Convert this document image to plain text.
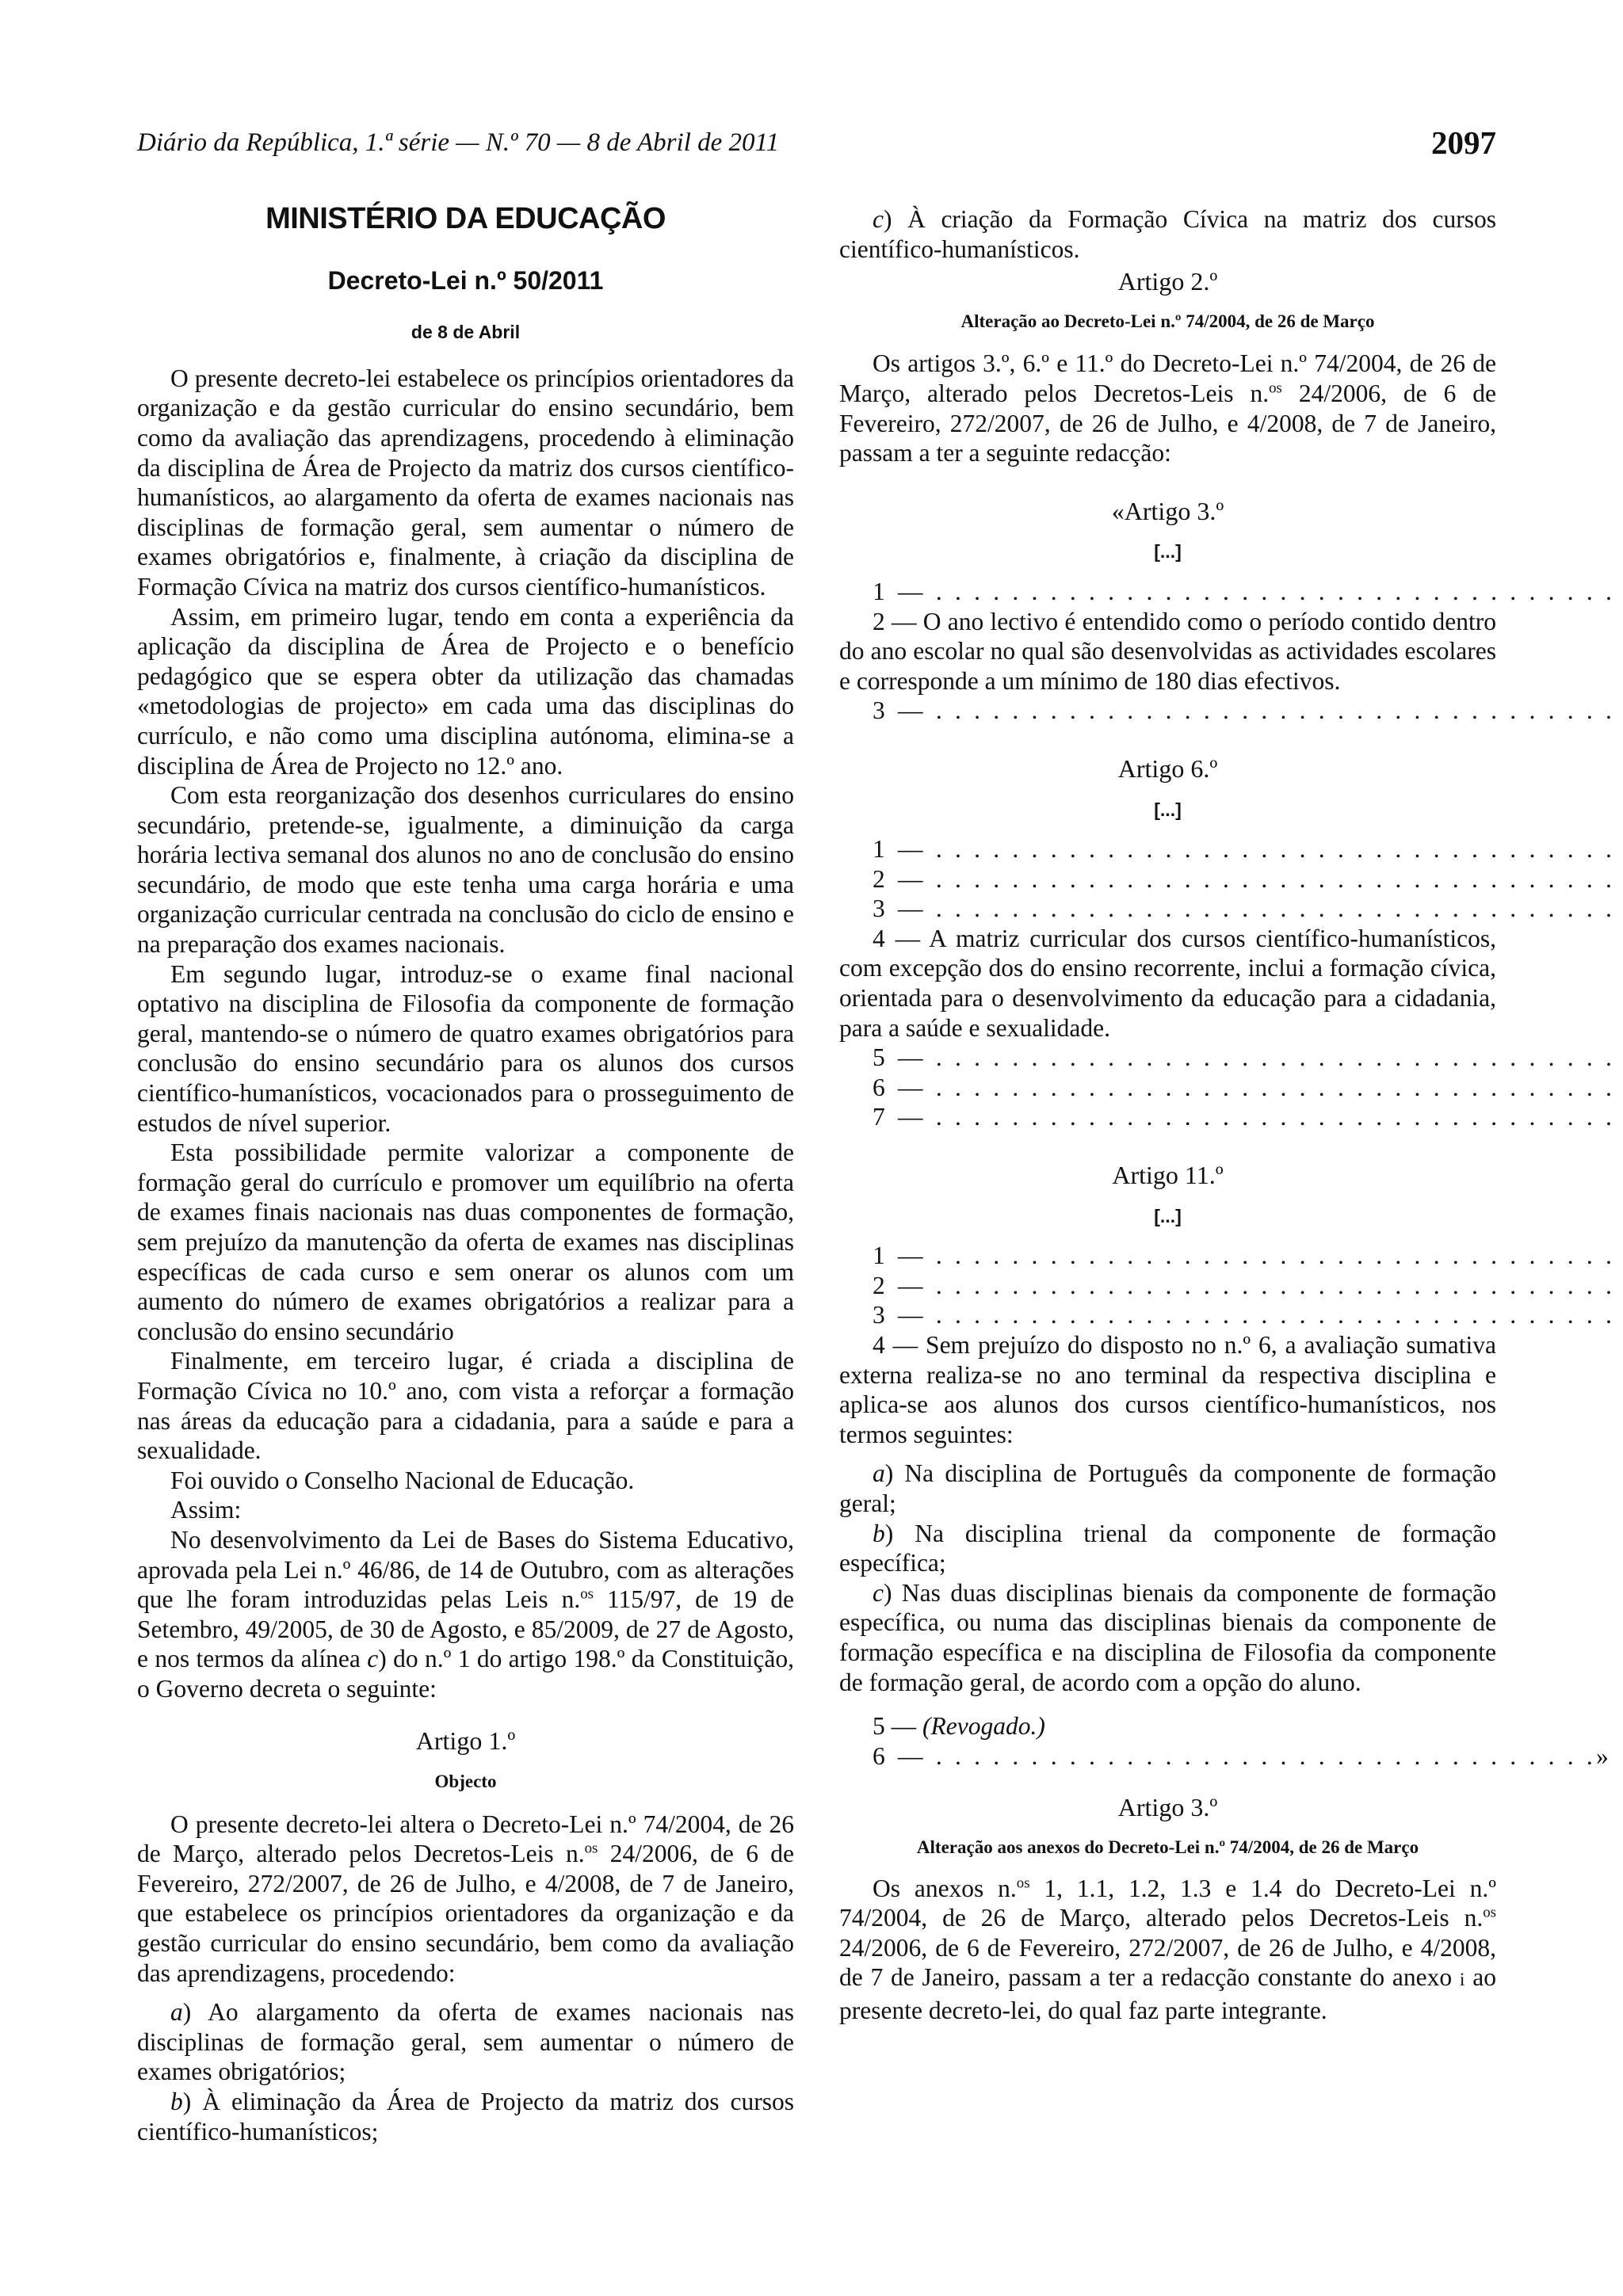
Diário da República, 1.ª série — N.º 70 — 8 de Abril de 2011	2097
MINISTÉRIO DA EDUCAÇÃO
Decreto-Lei n.º 50/2011
de 8 de Abril

O presente decreto-lei estabelece os princípios orientadores da organização e da gestão curricular do ensino secundário, bem como da avaliação das aprendizagens, procedendo à eliminação da disciplina de Área de Projecto da matriz dos cursos científico-humanísticos, ao alargamento da oferta de exames nacionais nas disciplinas de formação geral, sem aumentar o número de exames obrigatórios e, finalmente, à criação da disciplina de Formação Cívica na matriz dos cursos científico-humanísticos.

Assim, em primeiro lugar, tendo em conta a experiência da aplicação da disciplina de Área de Projecto e o benefício pedagógico que se espera obter da utilização das chamadas «metodologias de projecto» em cada uma das disciplinas do currículo, e não como uma disciplina autónoma, elimina-se a disciplina de Área de Projecto no 12.º ano.

Com esta reorganização dos desenhos curriculares do ensino secundário, pretende-se, igualmente, a diminuição da carga horária lectiva semanal dos alunos no ano de conclusão do ensino secundário, de modo que este tenha uma carga horária e uma organização curricular centrada na conclusão do ciclo de ensino e na preparação dos exames nacionais.

Em segundo lugar, introduz-se o exame final nacional optativo na disciplina de Filosofia da componente de formação geral, mantendo-se o número de quatro exames obrigatórios para conclusão do ensino secundário para os alunos dos cursos científico-humanísticos, vocacionados para o prosseguimento de estudos de nível superior.

Esta possibilidade permite valorizar a componente de formação geral do currículo e promover um equilíbrio na oferta de exames finais nacionais nas duas componentes de formação, sem prejuízo da manutenção da oferta de exames nas disciplinas específicas de cada curso e sem onerar os alunos com um aumento do número de exames obrigatórios a realizar para a conclusão do ensino secundário

Finalmente, em terceiro lugar, é criada a disciplina de Formação Cívica no 10.º ano, com vista a reforçar a formação nas áreas da educação para a cidadania, para a saúde e para a sexualidade.

Foi ouvido o Conselho Nacional de Educação.

Assim:

No desenvolvimento da Lei de Bases do Sistema Educativo, aprovada pela Lei n.º 46/86, de 14 de Outubro, com as alterações que lhe foram introduzidas pelas Leis n.$^{os}$ 115/97, de 19 de Setembro, 49/2005, de 30 de Agosto, e 85/2009, de 27 de Agosto, e nos termos da alínea c) do n.º 1 do artigo 198.º da Constituição, o Governo decreta o seguinte:

Artigo 1.º
Objecto

O presente decreto-lei altera o Decreto-Lei n.º 74/2004, de 26 de Março, alterado pelos Decretos-Leis n.$^{os}$ 24/2006, de 6 de Fevereiro, 272/2007, de 26 de Julho, e 4/2008, de 7 de Janeiro, que estabelece os princípios orientadores da organização e da gestão curricular do ensino secundário, bem como da avaliação das aprendizagens, procedendo:

a) Ao alargamento da oferta de exames nacionais nas disciplinas de formação geral, sem aumentar o número de exames obrigatórios;

b) À eliminação da Área de Projecto da matriz dos cursos científico-humanísticos;

c) À criação da Formação Cívica na matriz dos cursos científico-humanísticos.

Artigo 2.º
Alteração ao Decreto-Lei n.º 74/2004, de 26 de Março

Os artigos 3.º, 6.º e 11.º do Decreto-Lei n.º 74/2004, de 26 de Março, alterado pelos Decretos-Leis n.$^{os}$ 24/2006, de 6 de Fevereiro, 272/2007, de 26 de Julho, e 4/2008, de 7 de Janeiro, passam a ter a seguinte redacção:

«Artigo 3.º
[...]

1 — . . . . . . . . . . . . . . . . . . . . . . . . . . . . . . . . . . . .

2 — O ano lectivo é entendido como o período contido dentro do ano escolar no qual são desenvolvidas as actividades escolares e corresponde a um mínimo de 180 dias efectivos.

3 — . . . . . . . . . . . . . . . . . . . . . . . . . . . . . . . . . . . .

Artigo 6.º
[...]

1 — . . . . . . . . . . . . . . . . . . . . . . . . . . . . . . . . . . . .

2 — . . . . . . . . . . . . . . . . . . . . . . . . . . . . . . . . . . . .

3 — . . . . . . . . . . . . . . . . . . . . . . . . . . . . . . . . . . . .

4 — A matriz curricular dos cursos científico-humanísticos, com excepção dos do ensino recorrente, inclui a formação cívica, orientada para o desenvolvimento da educação para a cidadania, para a saúde e sexualidade.

5 — . . . . . . . . . . . . . . . . . . . . . . . . . . . . . . . . . . . .

6 — . . . . . . . . . . . . . . . . . . . . . . . . . . . . . . . . . . . .

7 — . . . . . . . . . . . . . . . . . . . . . . . . . . . . . . . . . . . .

Artigo 11.º
[...]

1 — . . . . . . . . . . . . . . . . . . . . . . . . . . . . . . . . . . . .

2 — . . . . . . . . . . . . . . . . . . . . . . . . . . . . . . . . . . . .

3 — . . . . . . . . . . . . . . . . . . . . . . . . . . . . . . . . . . . .

4 — Sem prejuízo do disposto no n.º 6, a avaliação sumativa externa realiza-se no ano terminal da respectiva disciplina e aplica-se aos alunos dos cursos científico-humanísticos, nos termos seguintes:

a) Na disciplina de Português da componente de formação geral;

b) Na disciplina trienal da componente de formação específica;

c) Nas duas disciplinas bienais da componente de formação específica, ou numa das disciplinas bienais da componente de formação específica e na disciplina de Filosofia da componente de formação geral, de acordo com a opção do aluno.

5 — (Revogado.)

6 — . . . . . . . . . . . . . . . . . . . . . . . . . . . . . . . . . . .»

Artigo 3.º
Alteração aos anexos do Decreto-Lei n.º 74/2004, de 26 de Março

Os anexos n.$^{os}$ 1, 1.1, 1.2, 1.3 e 1.4 do Decreto-Lei n.º 74/2004, de 26 de Março, alterado pelos Decretos-Leis n.$^{os}$ 24/2006, de 6 de Fevereiro, 272/2007, de 26 de Julho, e 4/2008, de 7 de Janeiro, passam a ter a redacção constante do anexo i ao presente decreto-lei, do qual faz parte integrante.
